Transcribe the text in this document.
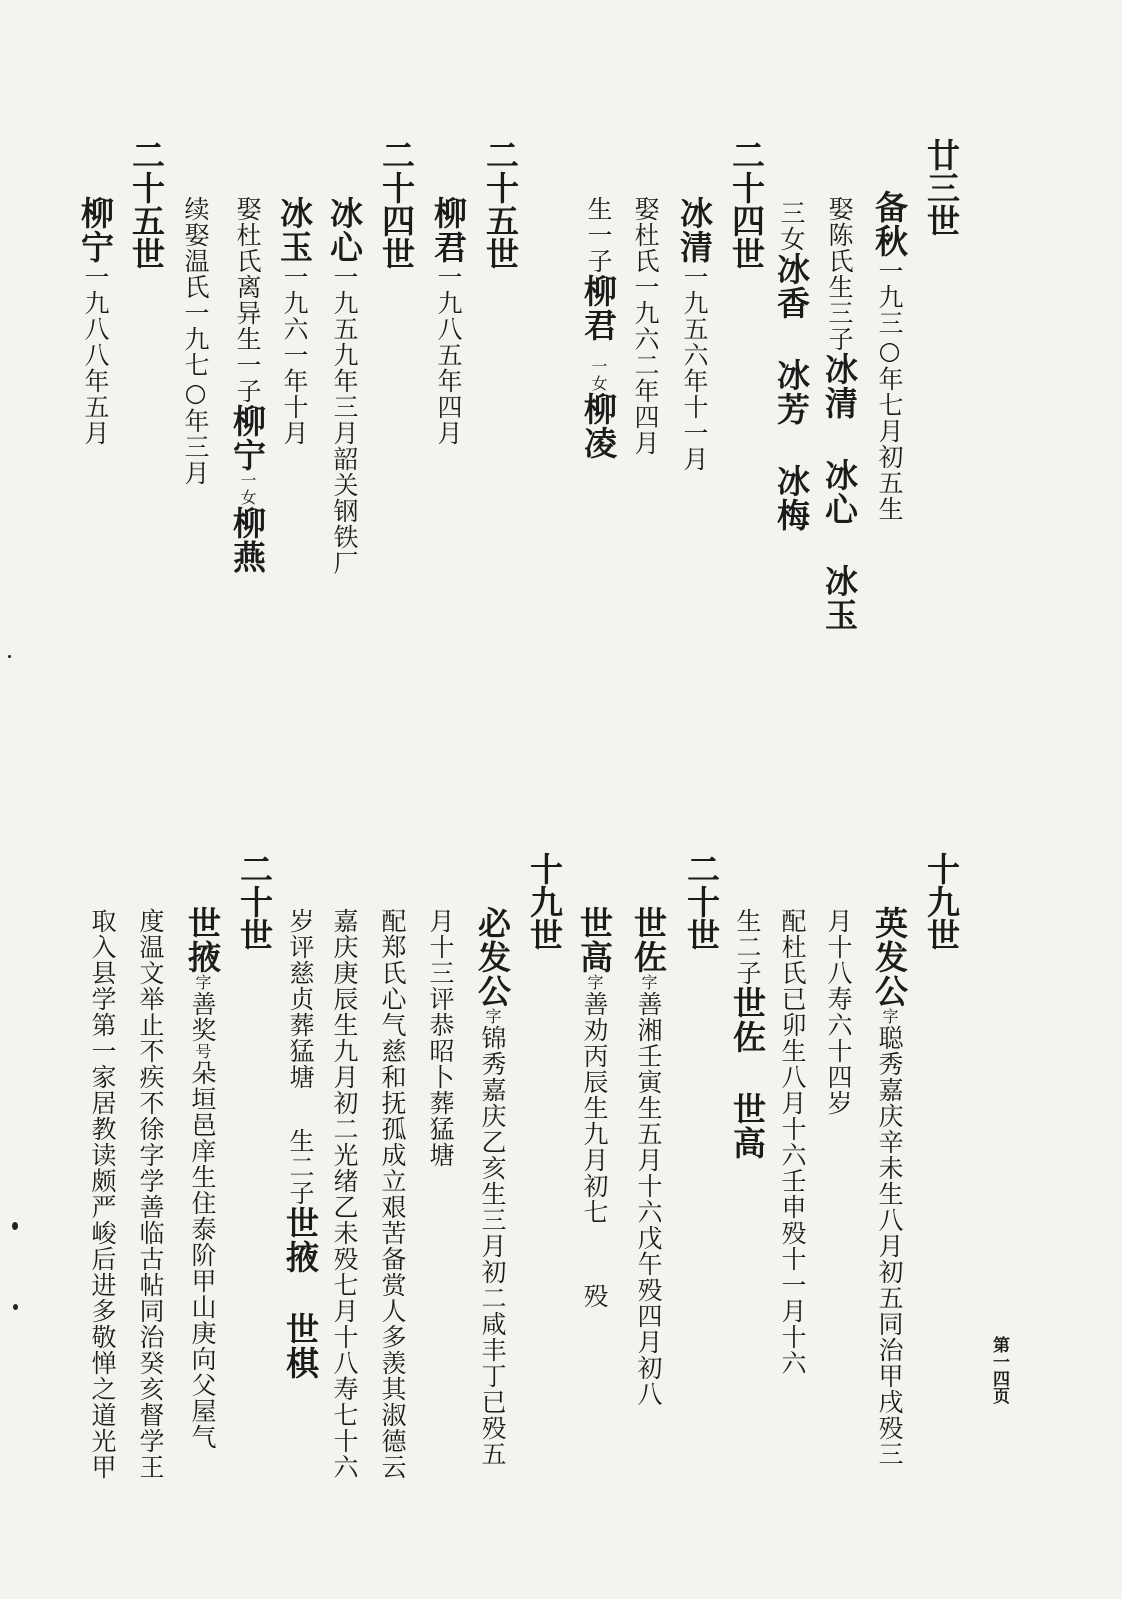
廿三世
备秋一九三○年七月初五生
娶陈氏生三子冰清冰心冰玉
三女冰香冰芳冰梅
二十四世
冰清一九五六年十一月
娶杜氏一九六二年四月
生一子柳君一女柳凌
二十五世
柳君一九八五年四月
二十四世
冰心一九五九年三月韶关钢铁厂
冰玉一九六一年十月
娶杜氏离异生一子柳宁一女柳燕
续娶温氏一九七○年三月
二十五世
柳宁一九八八年五月
十九世
英发公字聪秀嘉庆辛未生八月初五同治甲戌殁三
月十八寿六十四岁
配杜氏已卯生八月十六壬申殁十一月十六
生二子世佐世高
二十世
世佐字善湘壬寅生五月十六戊午殁四月初八
世高字善劝丙辰生九月初七殁
十九世
必发公字锦秀嘉庆乙亥生三月初二咸丰丁已殁五
月十三评恭昭卜葬猛塘
配郑氏心气慈和抚孤成立艰苦备赏人多羡其淑德云
嘉庆庚辰生九月初二光绪乙未殁七月十八寿七十六
岁评慈贞葬猛塘生二子世掖世棋
二十世
世掖字善奖号朵垣邑庠生住泰阶甲山庚向父屋气
度温文举止不疾不徐字学善临古帖同治癸亥督学王
取入县学第一家居教读颇严峻后进多敬惮之道光甲	第一四页
